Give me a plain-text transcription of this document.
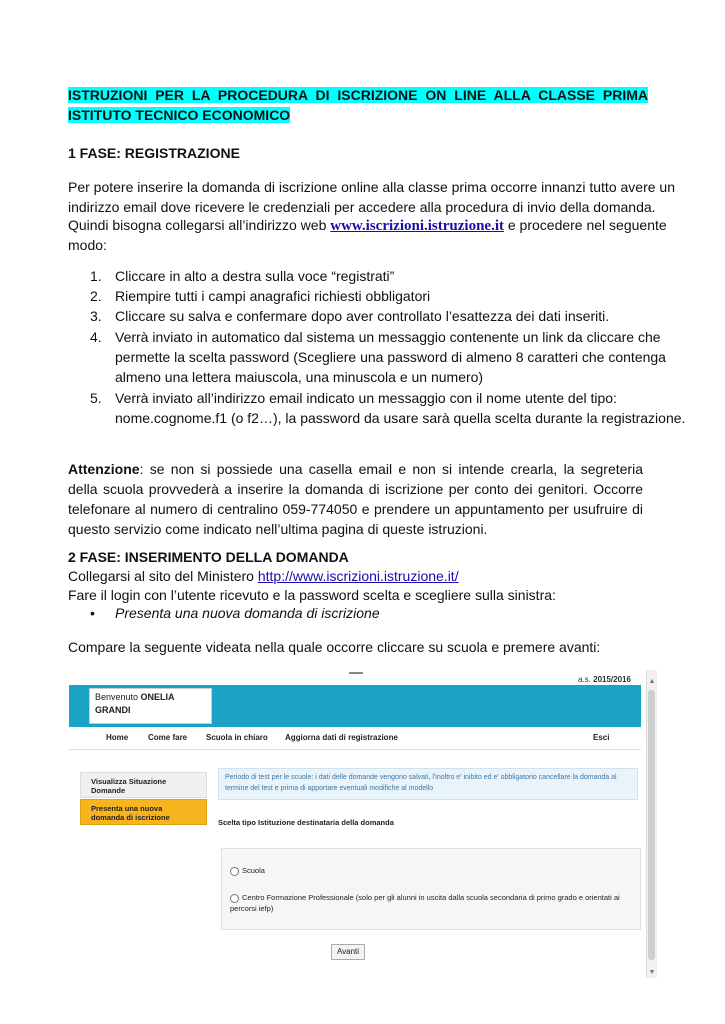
ISTRUZIONI PER LA PROCEDURA DI ISCRIZIONE ON LINE ALLA CLASSE PRIMA ISTITUTO TECNICO ECONOMICO
1 FASE: REGISTRAZIONE
Per potere inserire la domanda di iscrizione online alla classe prima occorre innanzi tutto avere un
indirizzo email dove ricevere le credenziali per accedere alla procedura di invio della domanda.
Quindi bisogna collegarsi all’indirizzo web www.iscrizioni.istruzione.it e procedere nel seguente
modo:
1. Cliccare in alto a destra sulla voce “registrati”
2. Riempire tutti i campi anagrafici richiesti obbligatori
3. Cliccare su salva e confermare dopo aver controllato l’esattezza dei dati inseriti.
4. Verrà inviato in automatico dal sistema un messaggio contenente un link da cliccare che
permette la scelta password (Scegliere una password di almeno 8 caratteri che contenga
almeno una lettera maiuscola, una minuscola e un numero)
5. Verrà inviato all’indirizzo email indicato un messaggio con il nome utente del tipo:
nome.cognome.f1 (o f2…), la password da usare sarà quella scelta durante la registrazione.
Attenzione: se non si possiede una casella email e non si intende crearla, la segreteria della scuola provvederà a inserire la domanda di iscrizione per conto dei genitori. Occorre telefonare al numero di centralino 059-774050 e prendere un appuntamento per usufruire di questo servizio come indicato nell’ultima pagina di queste istruzioni.
2 FASE: INSERIMENTO DELLA DOMANDA
Collegarsi al sito del Ministero http://www.iscrizioni.istruzione.it/
Fare il login con l’utente ricevuto e la password scelta e scegliere sulla sinistra:
• Presenta una nuova domanda di iscrizione
Compare la seguente videata nella quale occorre cliccare su scuola e premere avanti:
a.s. 2015/2016
Benvenuto ONELIA
GRANDI
Home Come fare Scuola in chiaro Aggiorna dati di registrazione	Esci
Visualizza Situazione Domande
Presenta una nuova domanda di iscrizione
Periodo di test per le scuole: i dati delle domande vengono salvati, l'inoltro e' inibito ed e' obbligatorio cancellare la domanda al termine del test e prima di apportare eventuali modifiche al modello
Scelta tipo Istituzione destinataria della domanda
Scuola
Centro Formazione Professionale (solo per gli alunni in uscita dalla scuola secondaria di primo grado e orientati ai percorsi iefp)
Avanti
▲
▼
